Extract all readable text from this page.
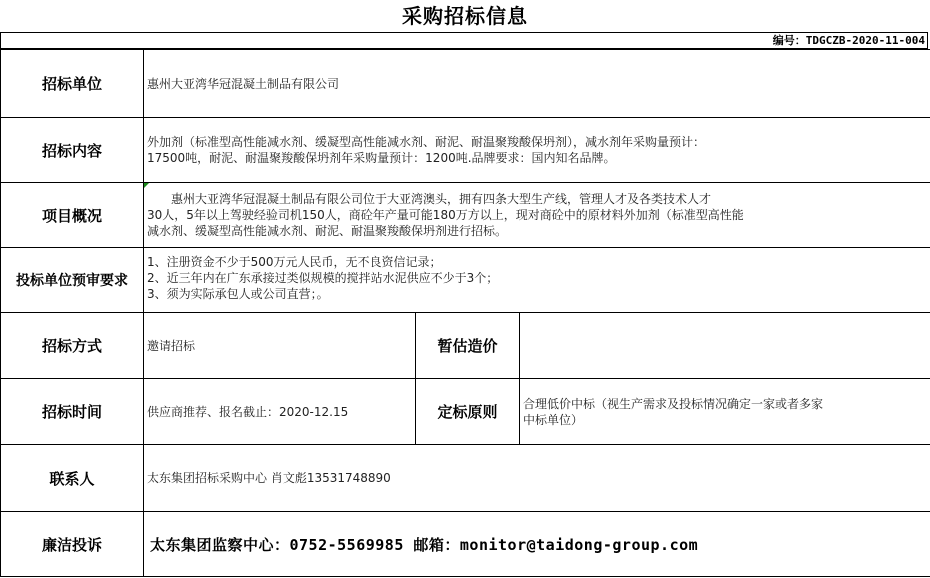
采购招标信息
编号：TDGCZB-2020-11-004
招标单位	惠州大亚湾华冠混凝土制品有限公司		
招标内容	外加剂（标准型高性能减水剂、缓凝型高性能减水剂、耐泥、耐温聚羧酸保坍剂），减水剂年采购量预计：
17500吨，耐泥、耐温聚羧酸保坍剂年采购量预计：1200吨.品牌要求：国内知名品牌。		

项目概况	惠州大亚湾华冠混凝土制品有限公司位于大亚湾澳头，拥有四条大型生产线，管理人才及各类技术人才
30人，5年以上驾驶经验司机150人，商砼年产量可能180万方以上，现对商砼中的原材料外加剂（标准型高性能
减水剂、缓凝型高性能减水剂、耐泥、耐温聚羧酸保坍剂进行招标。		

投标单位预审要求	1、注册资金不少于500万元人民币，无不良资信记录；
2、近三年内在广东承接过类似规模的搅拌站水泥供应不少于3个；
3、须为实际承包人或公司直营；。		

招标方式	邀请招标	暂估造价	
招标时间	供应商推荐、报名截止：2020-12.15	定标原则	合理低价中标（视生产需求及投标情况确定一家或者多家
中标单位）

联系人	太东集团招标采购中心 肖文彪13531748890		
廉洁投诉	太东集团监察中心：0752-5569985 邮箱：monitor@taidong-group.com		
